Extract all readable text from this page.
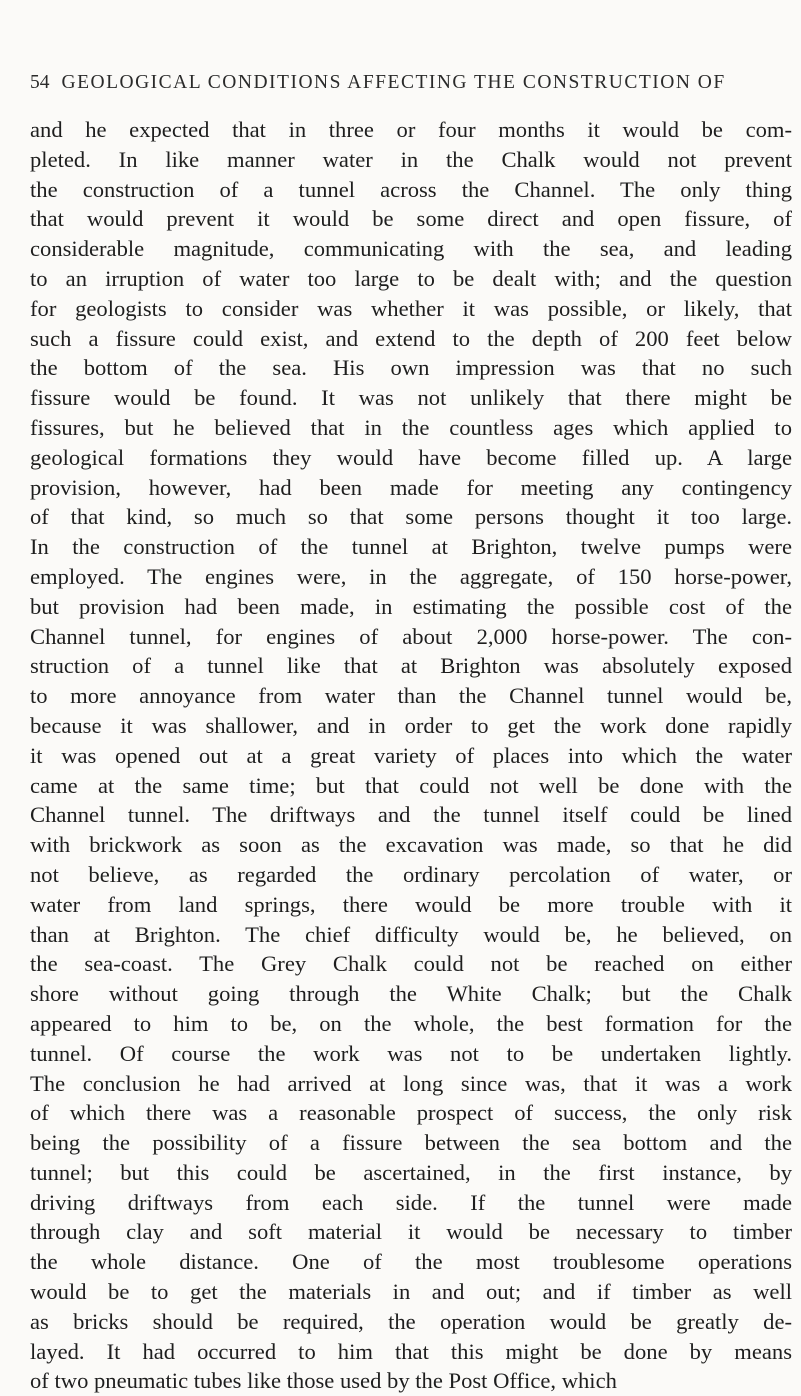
54 GEOLOGICAL CONDITIONS AFFECTING THE CONSTRUCTION OF
and he expected that in three or four months it would be com-
pleted. In like manner water in the Chalk would not prevent
the construction of a tunnel across the Channel. The only thing
that would prevent it would be some direct and open fissure, of
considerable magnitude, communicating with the sea, and leading
to an irruption of water too large to be dealt with; and the question
for geologists to consider was whether it was possible, or likely, that
such a fissure could exist, and extend to the depth of 200 feet below
the bottom of the sea. His own impression was that no such
fissure would be found. It was not unlikely that there might be
fissures, but he believed that in the countless ages which applied to
geological formations they would have become filled up. A large
provision, however, had been made for meeting any contingency
of that kind, so much so that some persons thought it too large.
In the construction of the tunnel at Brighton, twelve pumps were
employed. The engines were, in the aggregate, of 150 horse-power,
but provision had been made, in estimating the possible cost of the
Channel tunnel, for engines of about 2,000 horse-power. The con-
struction of a tunnel like that at Brighton was absolutely exposed
to more annoyance from water than the Channel tunnel would be,
because it was shallower, and in order to get the work done rapidly
it was opened out at a great variety of places into which the water
came at the same time; but that could not well be done with the
Channel tunnel. The driftways and the tunnel itself could be lined
with brickwork as soon as the excavation was made, so that he did
not believe, as regarded the ordinary percolation of water, or
water from land springs, there would be more trouble with it
than at Brighton. The chief difficulty would be, he believed, on
the sea-coast. The Grey Chalk could not be reached on either
shore without going through the White Chalk; but the Chalk
appeared to him to be, on the whole, the best formation for the
tunnel. Of course the work was not to be undertaken lightly.
The conclusion he had arrived at long since was, that it was a work
of which there was a reasonable prospect of success, the only risk
being the possibility of a fissure between the sea bottom and the
tunnel; but this could be ascertained, in the first instance, by
driving driftways from each side. If the tunnel were made
through clay and soft material it would be necessary to timber
the whole distance. One of the most troublesome operations
would be to get the materials in and out; and if timber as well
as bricks should be required, the operation would be greatly de-
layed. It had occurred to him that this might be done by means
of two pneumatic tubes like those used by the Post Office, which
